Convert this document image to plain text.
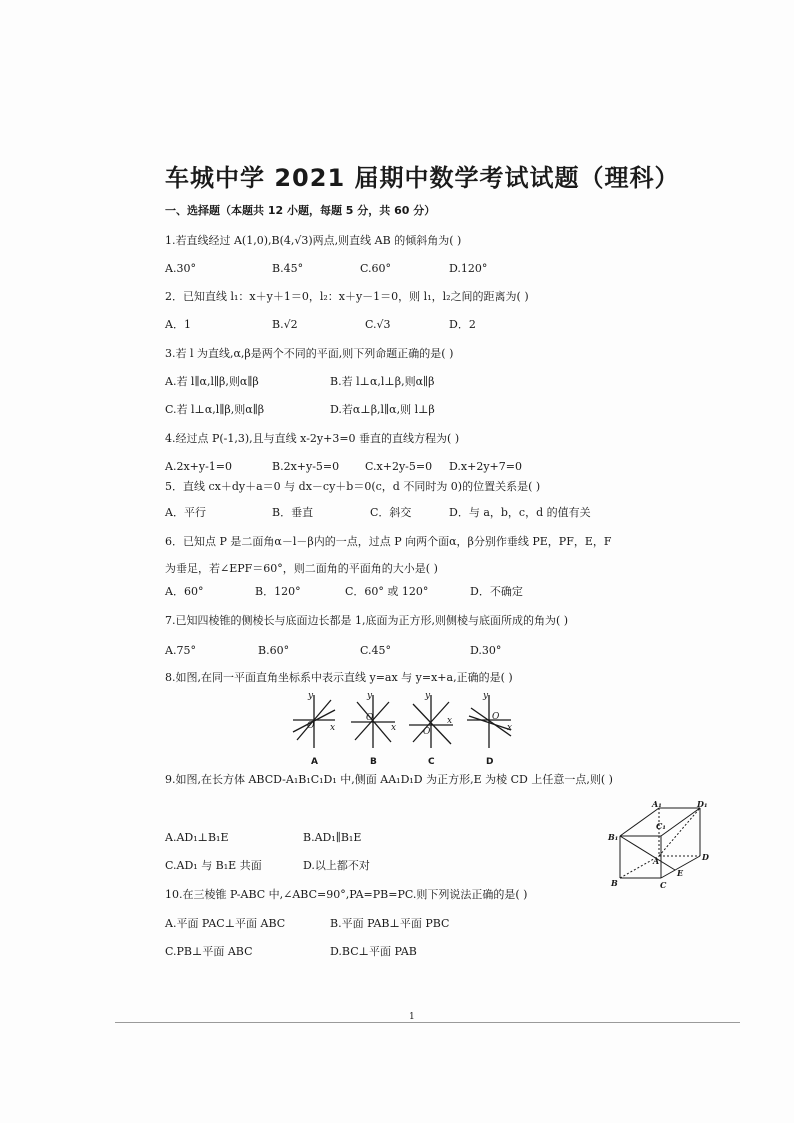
车城中学 2021 届期中数学考试试题（理科）
一、选择题（本题共 12 小题，每题 5 分，共 60 分）
1.若直线经过 A(1,0),B(4,√3)两点,则直线 AB 的倾斜角为( )
A.30°	B.45°	C.60°	D.120°
2．已知直线 l₁：x＋y＋1＝0，l₂：x＋y－1＝0，则 l₁，l₂之间的距离为( )
A．1	B.√2	C.√3	D．2
3.若 l 为直线,α,β是两个不同的平面,则下列命题正确的是( )
A.若 l∥α,l∥β,则α∥β	B.若 l⊥α,l⊥β,则α∥β
C.若 l⊥α,l∥β,则α∥β	D.若α⊥β,l∥α,则 l⊥β
4.经过点 P(-1,3),且与直线 x-2y+3=0 垂直的直线方程为( )
A.2x+y-1=0	B.2x+y-5=0 C.x+2y-5=0 D.x+2y+7=0
5．直线 cx＋dy＋a＝0 与 dx－cy＋b＝0(c，d 不同时为 0)的位置关系是( )
A．平行	B．垂直	C．斜交	D．与 a，b，c，d 的值有关
6．已知点 P 是二面角α－l－β内的一点，过点 P 向两个面α，β分别作垂线 PE，PF，E，F
为垂足，若∠EPF＝60°，则二面角的平面角的大小是( )
A．60°	B．120°	C．60° 或 120°	D．不确定
7.已知四棱锥的侧棱长与底面边长都是 1,底面为正方形,则侧棱与底面所成的角为( )
A.75°	B.60°	C.45°	D.30°
8.如图,在同一平面直角坐标系中表示直线 y=ax 与 y=x+a,正确的是( )
y
x
O
y
x
O
y
x
O
y
x
O
A	B	C	D
9.如图,在长方体 ABCD-A₁B₁C₁D₁ 中,侧面 AA₁D₁D 为正方形,E 为棱 CD 上任意一点,则( )
A.AD₁⊥B₁E	B.AD₁∥B₁E
C.AD₁ 与 B₁E 共面	D.以上都不对
A₁	D₁
C₁
B₁
A	D
B	C
E
10.在三棱锥 P-ABC 中,∠ABC=90°,PA=PB=PC.则下列说法正确的是( )
A.平面 PAC⊥平面 ABC	B.平面 PAB⊥平面 PBC
C.PB⊥平面 ABC	D.BC⊥平面 PAB
1
